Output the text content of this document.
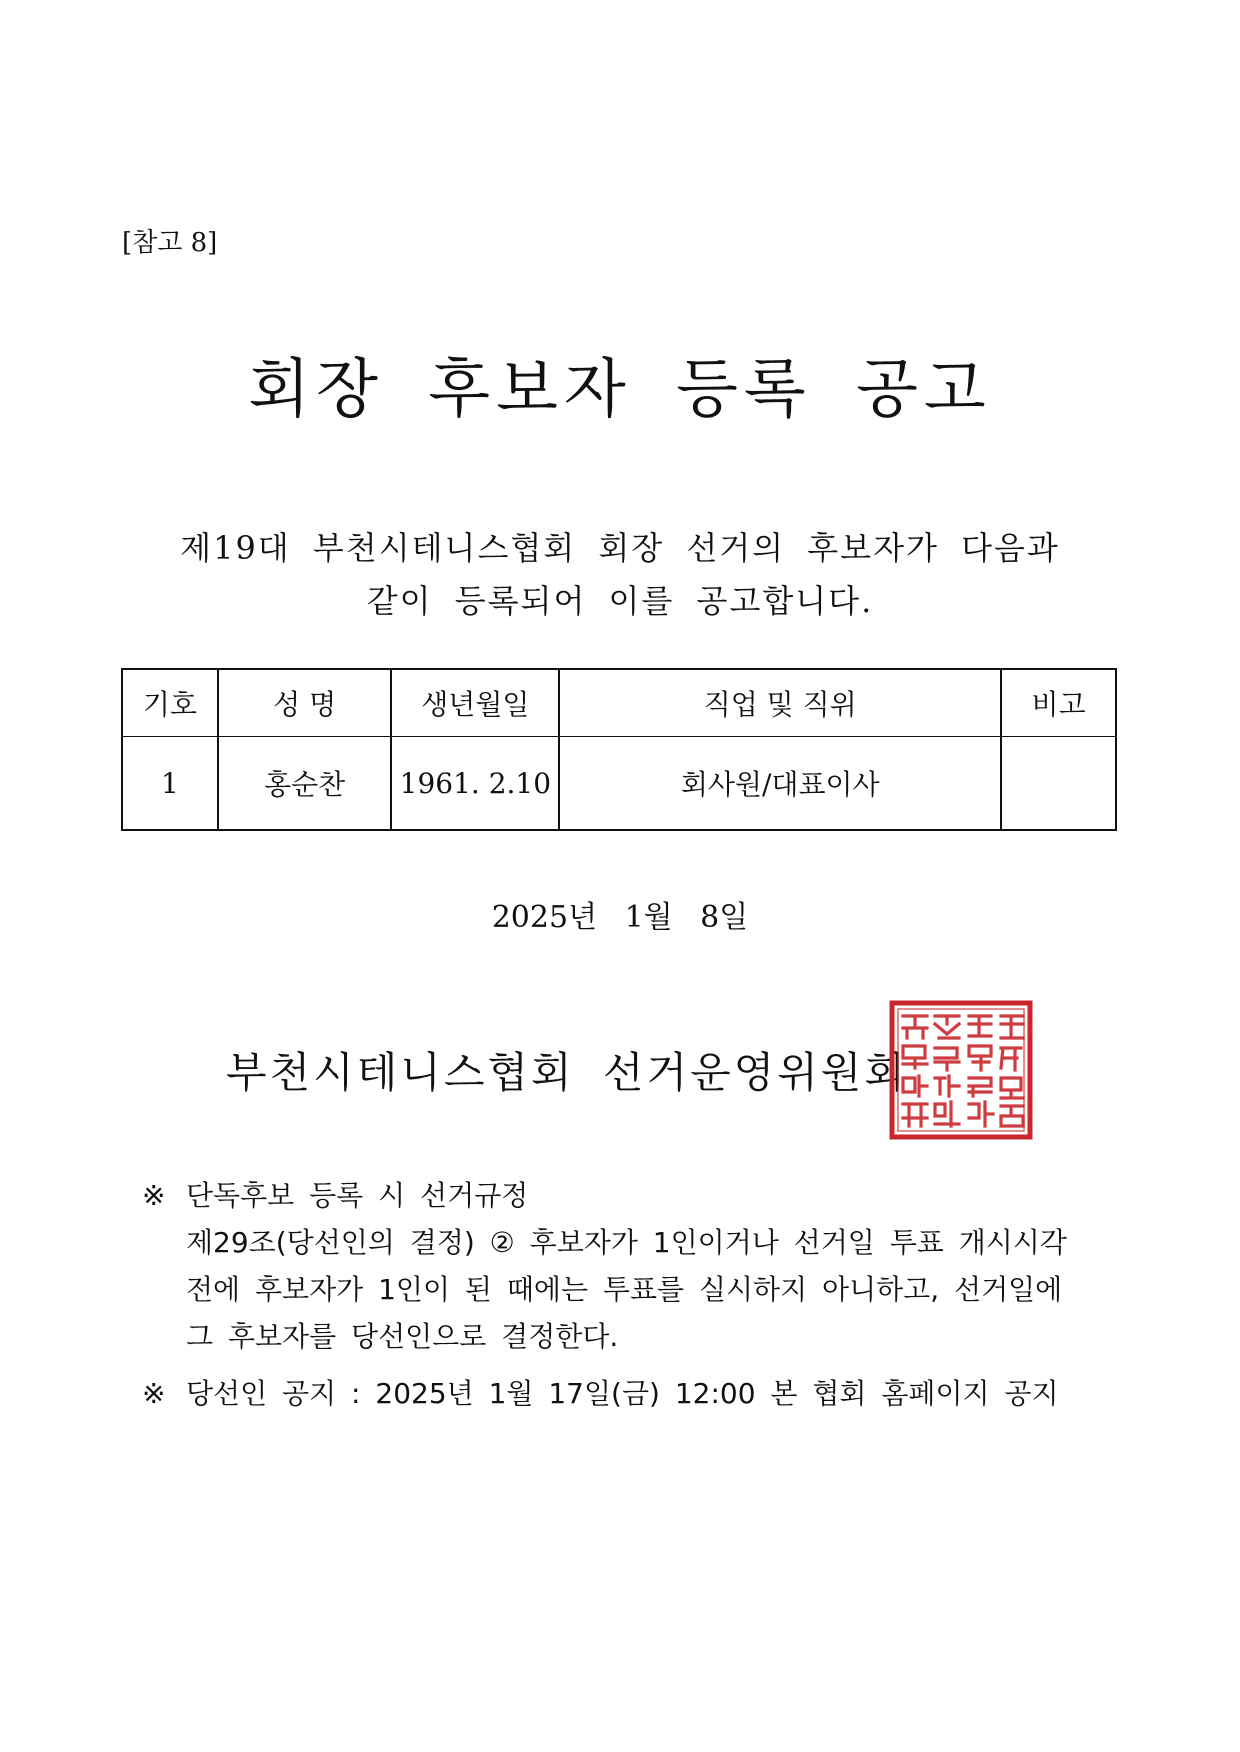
[참고 8]
회장 후보자 등록 공고
제19대 부천시테니스협회 회장 선거의 후보자가 다음과
같이 등록되어 이를 공고합니다.
기호	성 명	생년월일	직업 및 직위	비고
1	홍순찬	1961. 2.10	회사원/대표이사	
2025년 1월 8일
부천시테니스협회 선거운영위원회
※ 단독후보 등록 시 선거규정
제29조(당선인의 결정) ② 후보자가 1인이거나 선거일 투표 개시시각
전에 후보자가 1인이 된 때에는 투표를 실시하지 아니하고, 선거일에
그 후보자를 당선인으로 결정한다.
※ 당선인 공지 : 2025년 1월 17일(금) 12:00 본 협회 홈페이지 공지
